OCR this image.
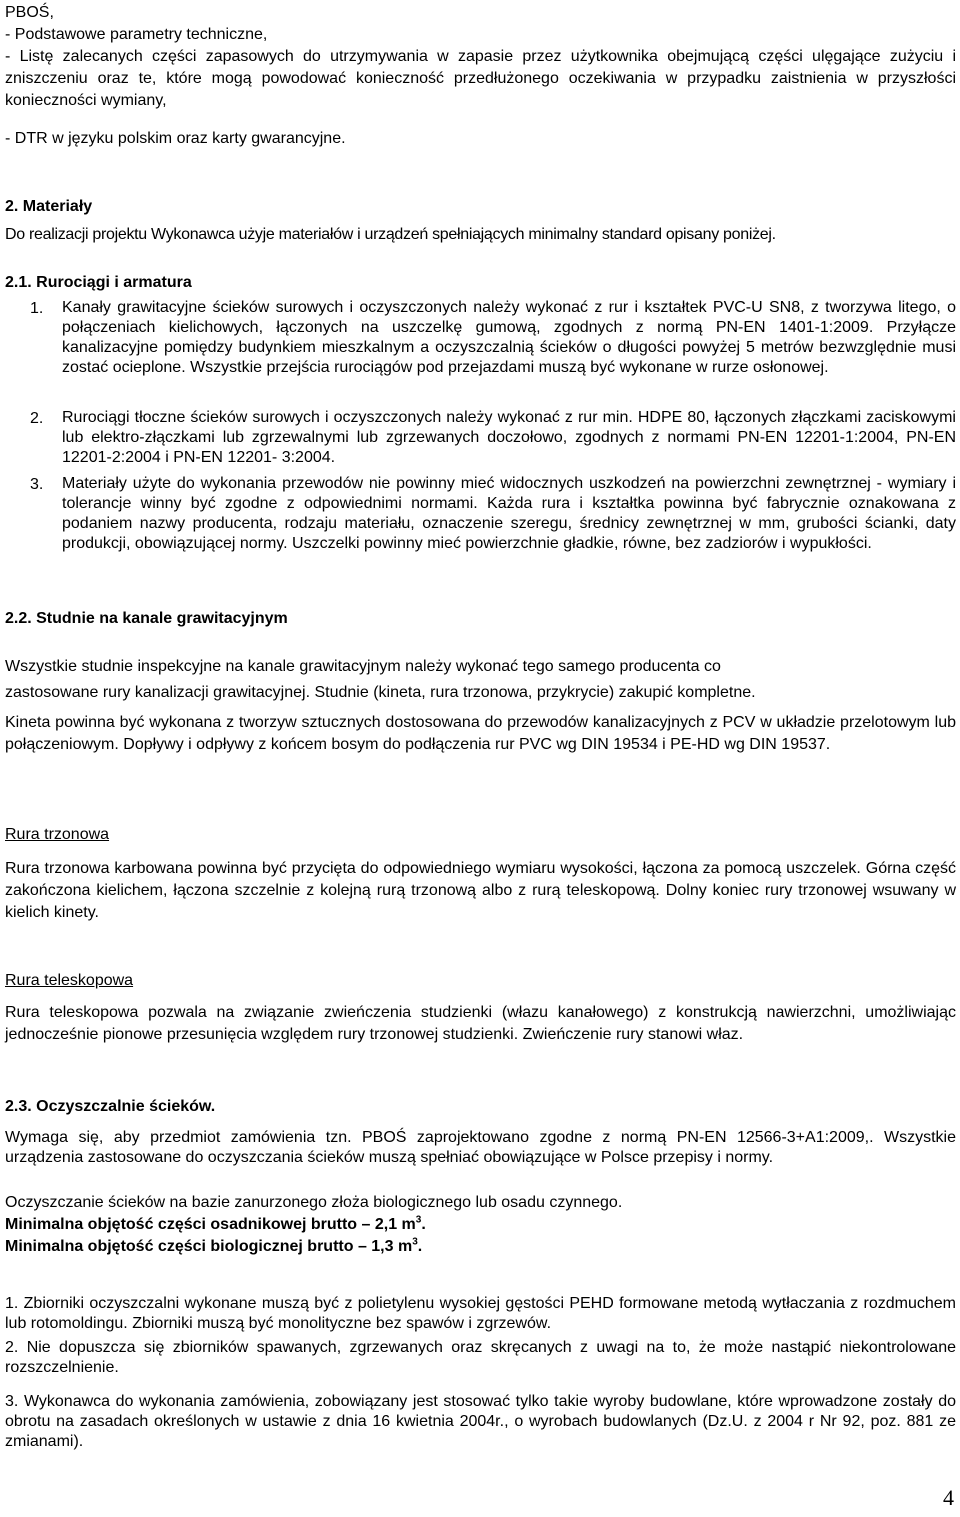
PBOŚ,

- Podstawowe parametry techniczne,

- Listę zalecanych części zapasowych do utrzymywania w zapasie przez użytkownika obejmującą części ulęgające zużyciu i zniszczeniu oraz te, które mogą powodować konieczność przedłużonego oczekiwania w przypadku zaistnienia w przyszłości konieczności wymiany,

- DTR w języku polskim oraz karty gwarancyjne.

2. Materiały

Do realizacji projektu Wykonawca użyje materiałów i urządzeń spełniających minimalny standard opisany poniżej.

2.1. Rurociągi i armatura

1. Kanały grawitacyjne ścieków surowych i oczyszczonych należy wykonać z rur i kształtek PVC-U SN8, z tworzywa litego, o połączeniach kielichowych, łączonych na uszczelkę gumową, zgodnych z normą PN-EN 1401-1:2009. Przyłącze kanalizacyjne pomiędzy budynkiem mieszkalnym a oczyszczalnią ścieków o długości powyżej 5 metrów bezwzględnie musi zostać ocieplone. Wszystkie przejścia rurociągów pod przejazdami muszą być wykonane w rurze osłonowej.

2. Rurociągi tłoczne ścieków surowych i oczyszczonych należy wykonać z rur min. HDPE 80, łączonych złączkami zaciskowymi lub elektro-złączkami lub zgrzewalnymi lub zgrzewanych doczołowo, zgodnych z normami PN-EN 12201-1:2004, PN-EN 12201-2:2004 i PN-EN 12201- 3:2004.

3. Materiały użyte do wykonania przewodów nie powinny mieć widocznych uszkodzeń na powierzchni zewnętrznej - wymiary i tolerancje winny być zgodne z odpowiednimi normami. Każda rura i kształtka powinna być fabrycznie oznakowana z podaniem nazwy producenta, rodzaju materiału, oznaczenie szeregu, średnicy zewnętrznej w mm, grubości ścianki, daty produkcji, obowiązującej normy. Uszczelki powinny mieć powierzchnie gładkie, równe, bez zadziorów i wypukłości.

2.2. Studnie na kanale grawitacyjnym

Wszystkie studnie inspekcyjne na kanale grawitacyjnym należy wykonać tego samego producenta co

zastosowane rury kanalizacji grawitacyjnej. Studnie (kineta, rura trzonowa, przykrycie) zakupić kompletne.

Kineta powinna być wykonana z tworzyw sztucznych dostosowana do przewodów kanalizacyjnych z PCV w układzie przelotowym lub połączeniowym. Dopływy i odpływy z końcem bosym do podłączenia rur PVC wg DIN 19534 i PE-HD wg DIN 19537.

Rura trzonowa

Rura trzonowa karbowana powinna być przycięta do odpowiedniego wymiaru wysokości, łączona za pomocą uszczelek. Górna część zakończona kielichem, łączona szczelnie z kolejną rurą trzonową albo z rurą teleskopową. Dolny koniec rury trzonowej wsuwany w kielich kinety.

Rura teleskopowa

Rura teleskopowa pozwala na związanie zwieńczenia studzienki (włazu kanałowego) z konstrukcją nawierzchni, umożliwiając jednocześnie pionowe przesunięcia względem rury trzonowej studzienki. Zwieńczenie rury stanowi właz.

2.3. Oczyszczalnie ścieków.

Wymaga się, aby przedmiot zamówienia tzn. PBOŚ zaprojektowano zgodne z normą PN-EN 12566-3+A1:2009,. Wszystkie urządzenia zastosowane do oczyszczania ścieków muszą spełniać obowiązujące w Polsce przepisy i normy.

Oczyszczanie ścieków na bazie zanurzonego złoża biologicznego lub osadu czynnego.

Minimalna objętość części osadnikowej brutto – 2,1 $m^3$.

Minimalna objętość części biologicznej brutto – 1,3 $m^3$.

1. Zbiorniki oczyszczalni wykonane muszą być z polietylenu wysokiej gęstości PEHD formowane metodą wytłaczania z rozdmuchem lub rotomoldingu. Zbiorniki muszą być monolityczne bez spawów i zgrzewów.

2. Nie dopuszcza się zbiorników spawanych, zgrzewanych oraz skręcanych z uwagi na to, że może nastąpić niekontrolowane rozszczelnienie.

3. Wykonawca do wykonania zamówienia, zobowiązany jest stosować tylko takie wyroby budowlane, które wprowadzone zostały do obrotu na zasadach określonych w ustawie z dnia 16 kwietnia 2004r., o wyrobach budowlanych (Dz.U. z 2004 r Nr 92, poz. 881 ze zmianami).

4
